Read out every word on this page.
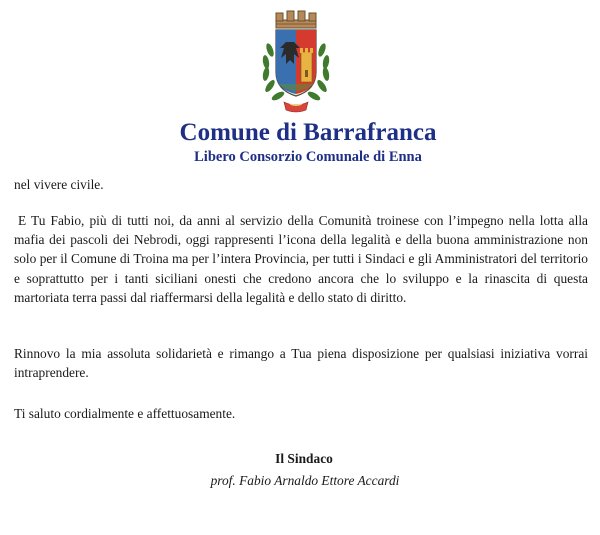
Comune di Barrafranca
Libero Consorzio Comunale di Enna
nel vivere civile.
E Tu Fabio, più di tutti noi, da anni al servizio della Comunità troinese con l’impegno nella lotta alla mafia dei pascoli dei Nebrodi, oggi rappresenti l’icona della legalità e della buona amministrazione non solo per il Comune di Troina ma per l’intera Provincia, per tutti i Sindaci e gli Amministratori del territorio e soprattutto per i tanti siciliani onesti che credono ancora che lo sviluppo e la rinascita di questa martoriata terra passi dal riaffermarsi della legalità e dello stato di diritto.
Rinnovo la mia assoluta solidarietà e rimango a Tua piena disposizione per qualsiasi iniziativa vorrai intraprendere.
Ti saluto cordialmente e affettuosamente.
Il Sindaco
prof. Fabio Arnaldo Ettore Accardi
